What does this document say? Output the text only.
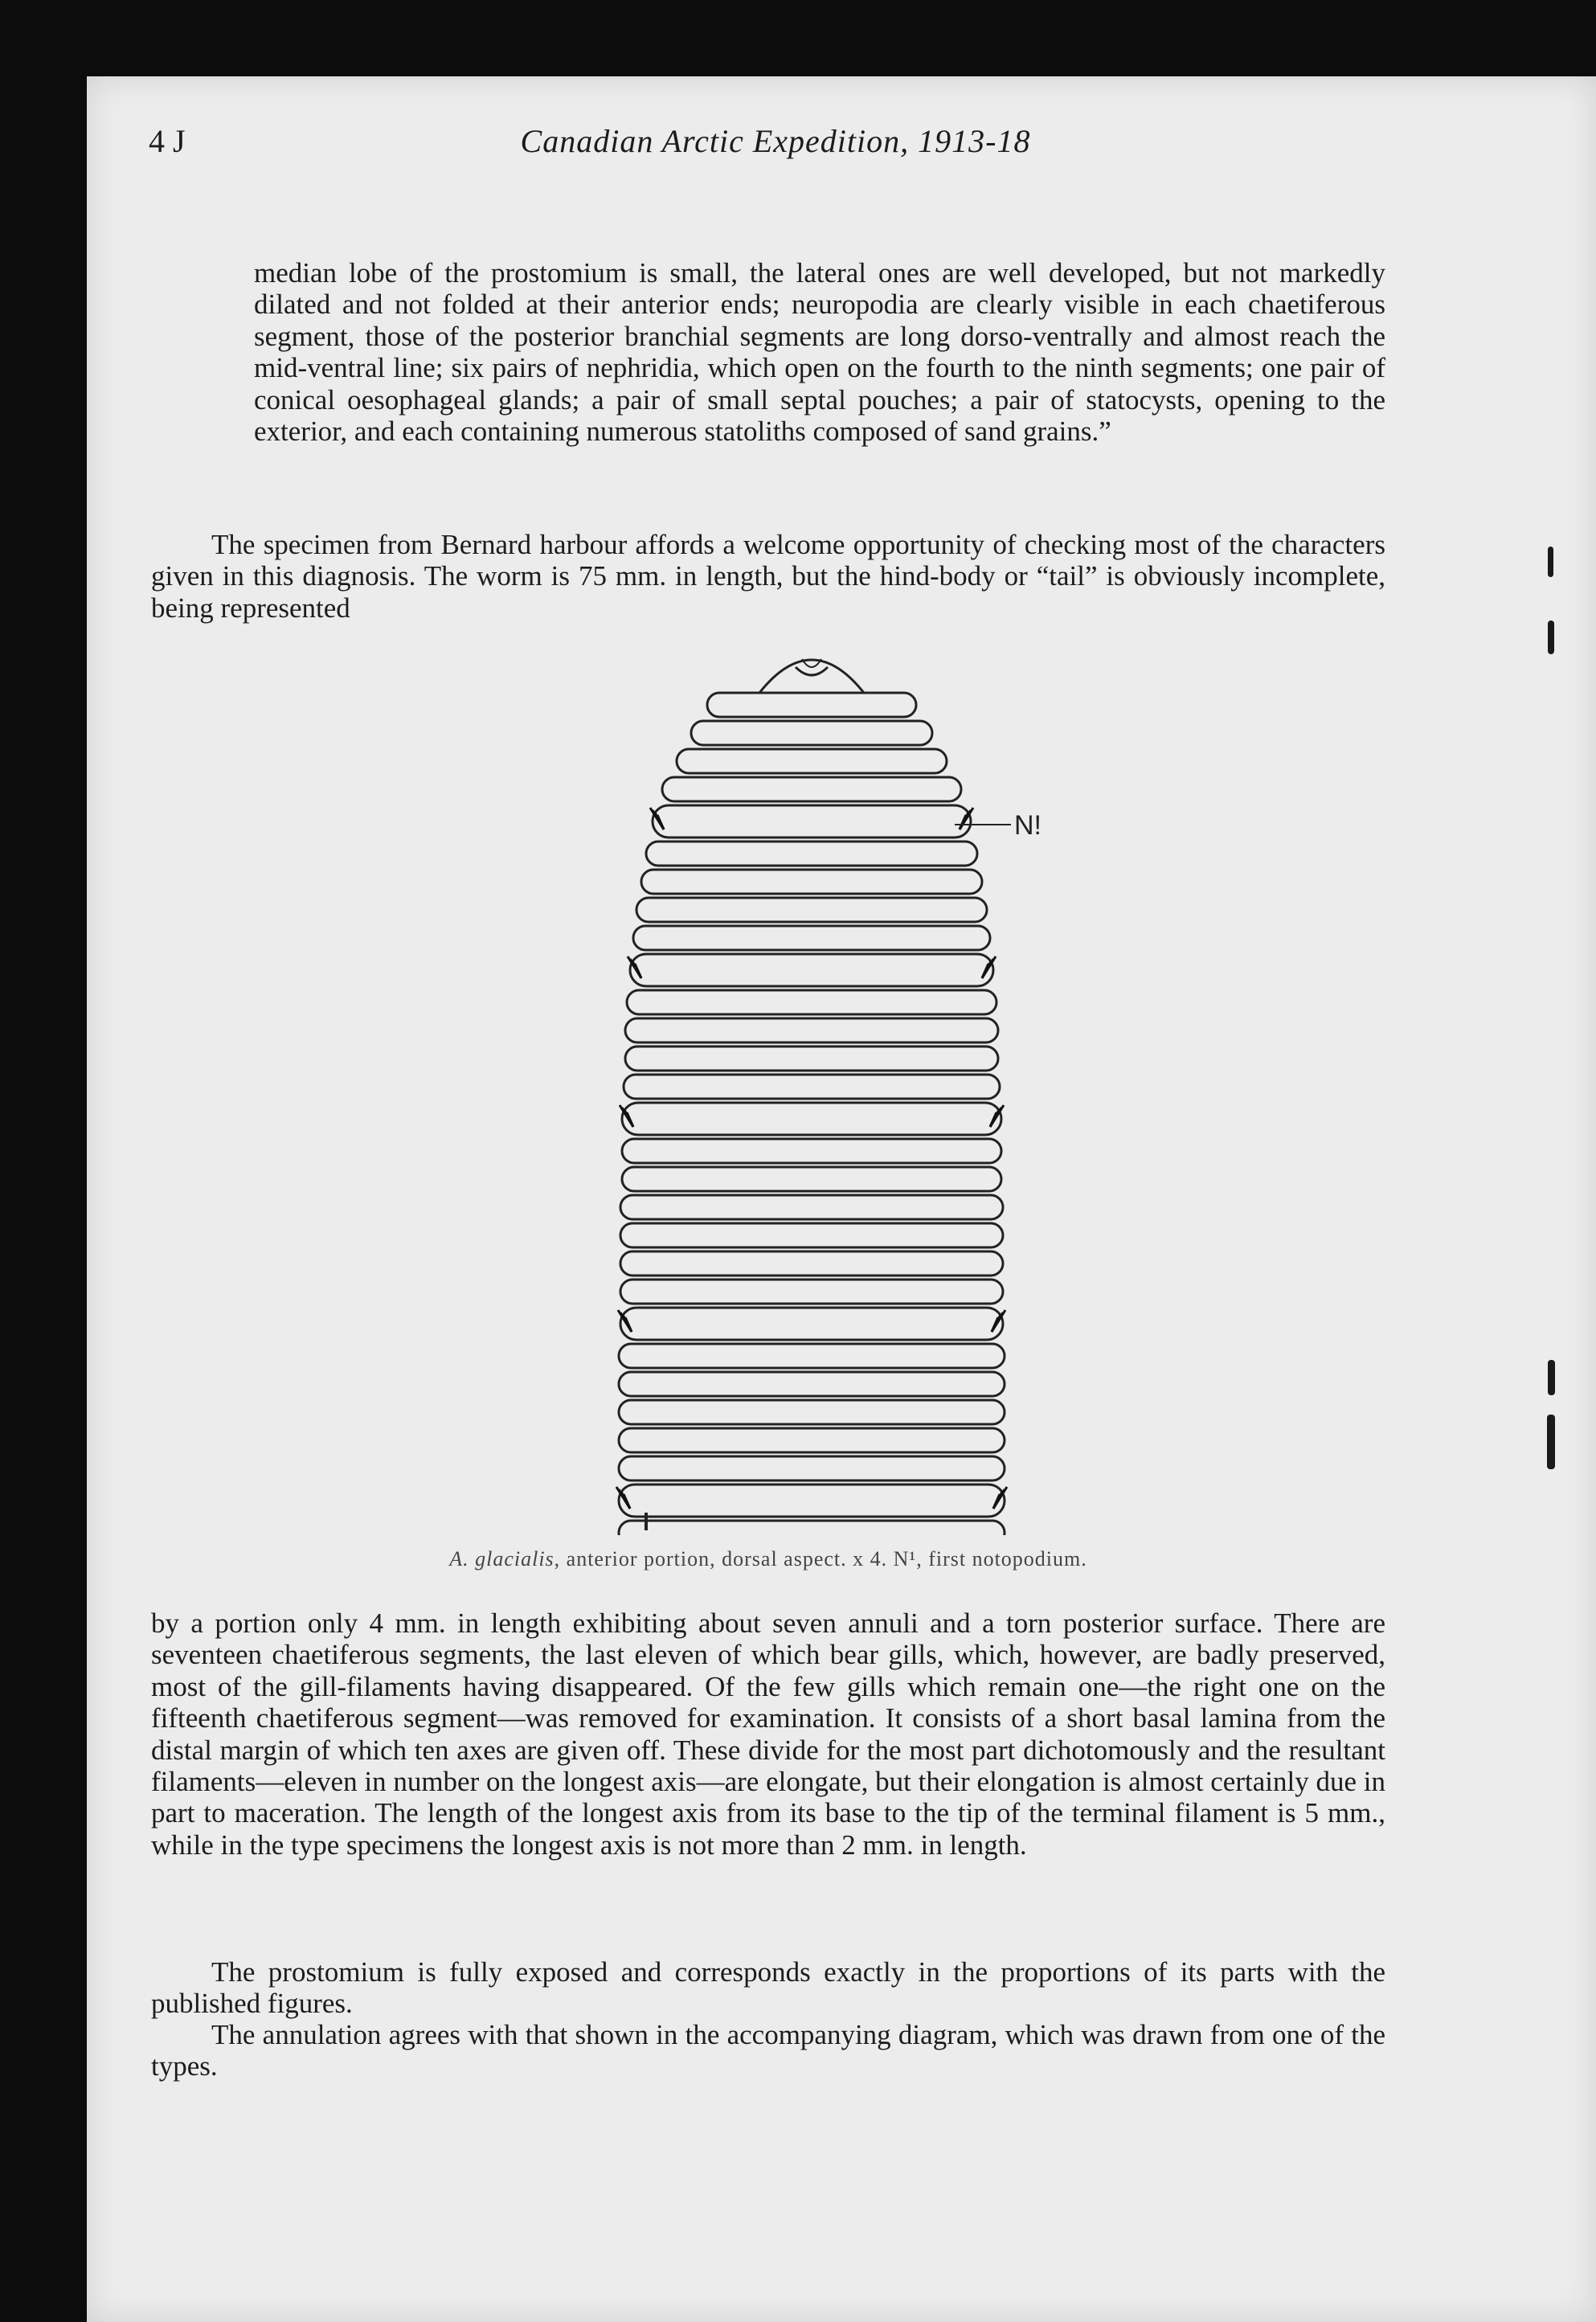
4 J	Canadian Arctic Expedition, 1913-18

median lobe of the prostomium is small, the lateral ones are well developed, but not markedly dilated and not folded at their anterior ends; neuropodia are clearly visible in each chaetiferous segment, those of the posterior branchial segments are long dorso-ventrally and almost reach the mid-ventral line; six pairs of nephridia, which open on the fourth to the ninth segments; one pair of conical oesophageal glands; a pair of small septal pouches; a pair of statocysts, opening to the exterior, and each containing numerous statoliths composed of sand grains.”

The specimen from Bernard harbour affords a welcome opportunity of checking most of the characters given in this diagnosis. The worm is 75 mm. in length, but the hind-body or “tail” is obviously incomplete, being represented

N!
A. glacialis, anterior portion, dorsal aspect. x 4. N¹, first notopodium.

by a portion only 4 mm. in length exhibiting about seven annuli and a torn posterior surface. There are seventeen chaetiferous segments, the last eleven of which bear gills, which, however, are badly preserved, most of the gill-filaments having disappeared. Of the few gills which remain one—the right one on the fifteenth chaetiferous segment—was removed for examination. It consists of a short basal lamina from the distal margin of which ten axes are given off. These divide for the most part dichotomously and the resultant filaments—eleven in number on the longest axis—are elongate, but their elongation is almost certainly due in part to maceration. The length of the longest axis from its base to the tip of the terminal filament is 5 mm., while in the type specimens the longest axis is not more than 2 mm. in length.

The prostomium is fully exposed and corresponds exactly in the proportions of its parts with the published figures.

The annulation agrees with that shown in the accompanying diagram, which was drawn from one of the types.
